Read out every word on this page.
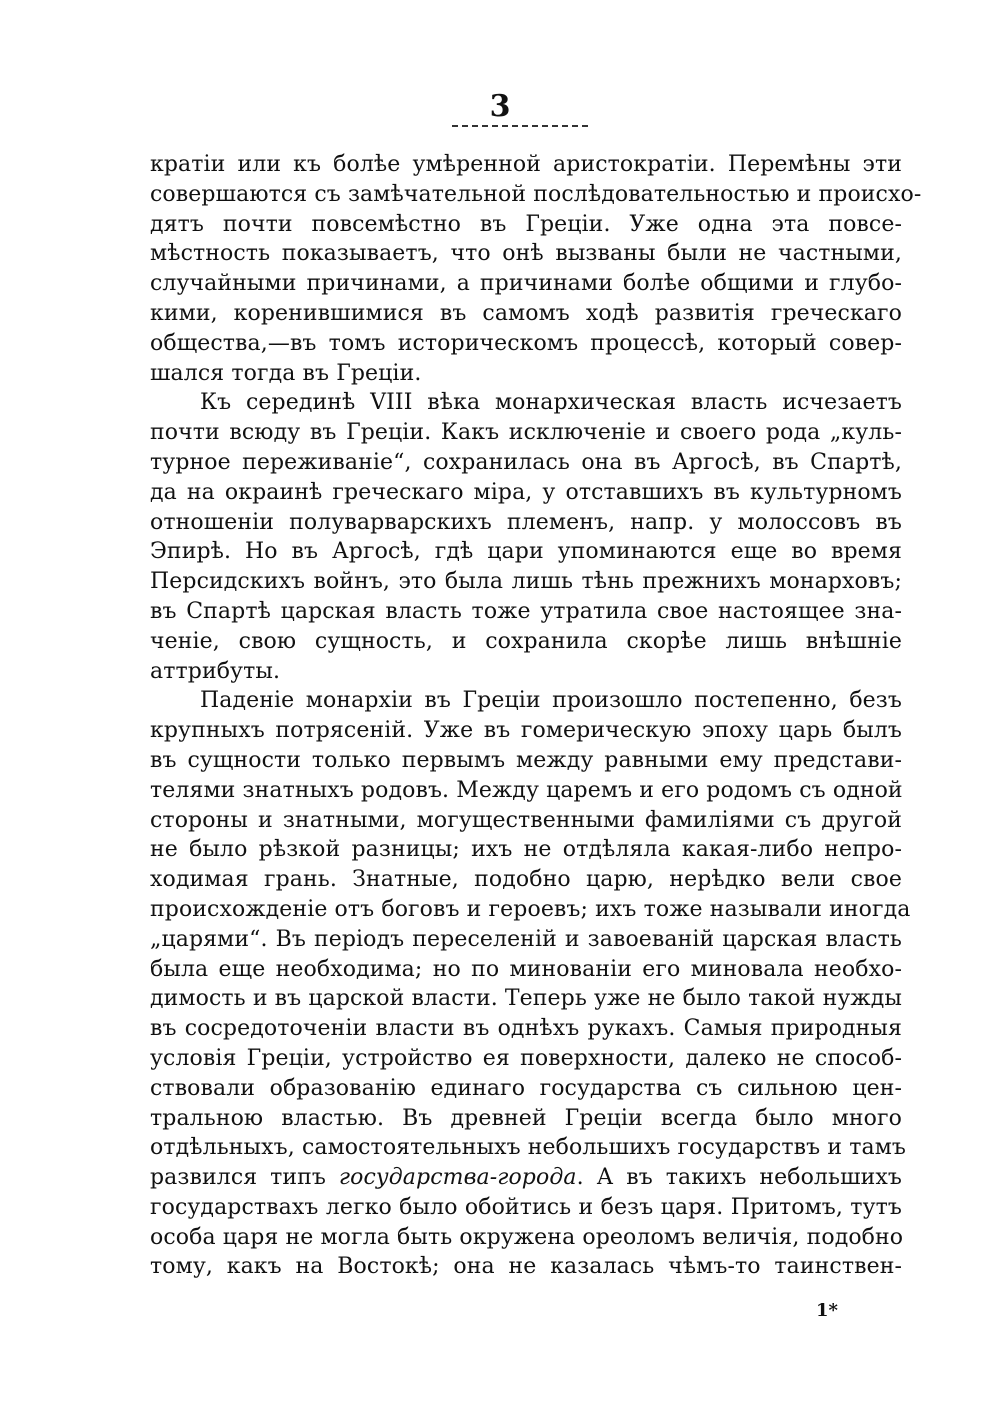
3
кратіи или къ болѣе умѣренной аристократіи. Перемѣны эти
совершаются съ замѣчательной послѣдовательностью и происхо-
дятъ почти повсемѣстно въ Греціи. Уже одна эта повсе-
мѣстность показываетъ, что онѣ вызваны были не частными,
случайными причинами, а причинами болѣе общими и глубо-
кими, коренившимися въ самомъ ходѣ развитія греческаго
общества,—въ томъ историческомъ процессѣ, который совер-
шался тогда въ Греціи.
Къ серединѣ VIII вѣка монархическая власть исчезаетъ
почти всюду въ Греціи. Какъ исключеніе и своего рода „куль-
турное переживаніе“, сохранилась она въ Аргосѣ, въ Спартѣ,
да на окраинѣ греческаго міра, у отставшихъ въ культурномъ
отношеніи полуварварскихъ племенъ, напр. у молоссовъ въ
Эпирѣ. Но въ Аргосѣ, гдѣ цари упоминаются еще во время
Персидскихъ войнъ, это была лишь тѣнь прежнихъ монарховъ;
въ Спартѣ царская власть тоже утратила свое настоящее зна-
ченіе, свою сущность, и сохранила скорѣе лишь внѣшніе
аттрибуты.
Паденіе монархіи въ Греціи произошло постепенно, безъ
крупныхъ потрясеній. Уже въ гомерическую эпоху царь былъ
въ сущности только первымъ между равными ему представи-
телями знатныхъ родовъ. Между царемъ и его родомъ съ одной
стороны и знатными, могущественными фамиліями съ другой
не было рѣзкой разницы; ихъ не отдѣляла какая-либо непро-
ходимая грань. Знатные, подобно царю, нерѣдко вели свое
происхожденіе отъ боговъ и героевъ; ихъ тоже называли иногда
„царями“. Въ періодъ переселеній и завоеваній царская власть
была еще необходима; но по минованіи его миновала необхо-
димость и въ царской власти. Теперь уже не было такой нужды
въ сосредоточеніи власти въ однѣхъ рукахъ. Самыя природныя
условія Греціи, устройство ея поверхности, далеко не способ-
ствовали образованію единаго государства съ сильною цен-
тральною властью. Въ древней Греціи всегда было много
отдѣльныхъ, самостоятельныхъ небольшихъ государствъ и тамъ
развился типъ государства-города. А въ такихъ небольшихъ
государствахъ легко было обойтись и безъ царя. Притомъ, тутъ
особа царя не могла быть окружена ореоломъ величія, подобно
тому, какъ на Востокѣ; она не казалась чѣмъ-то таинствен-
1*
